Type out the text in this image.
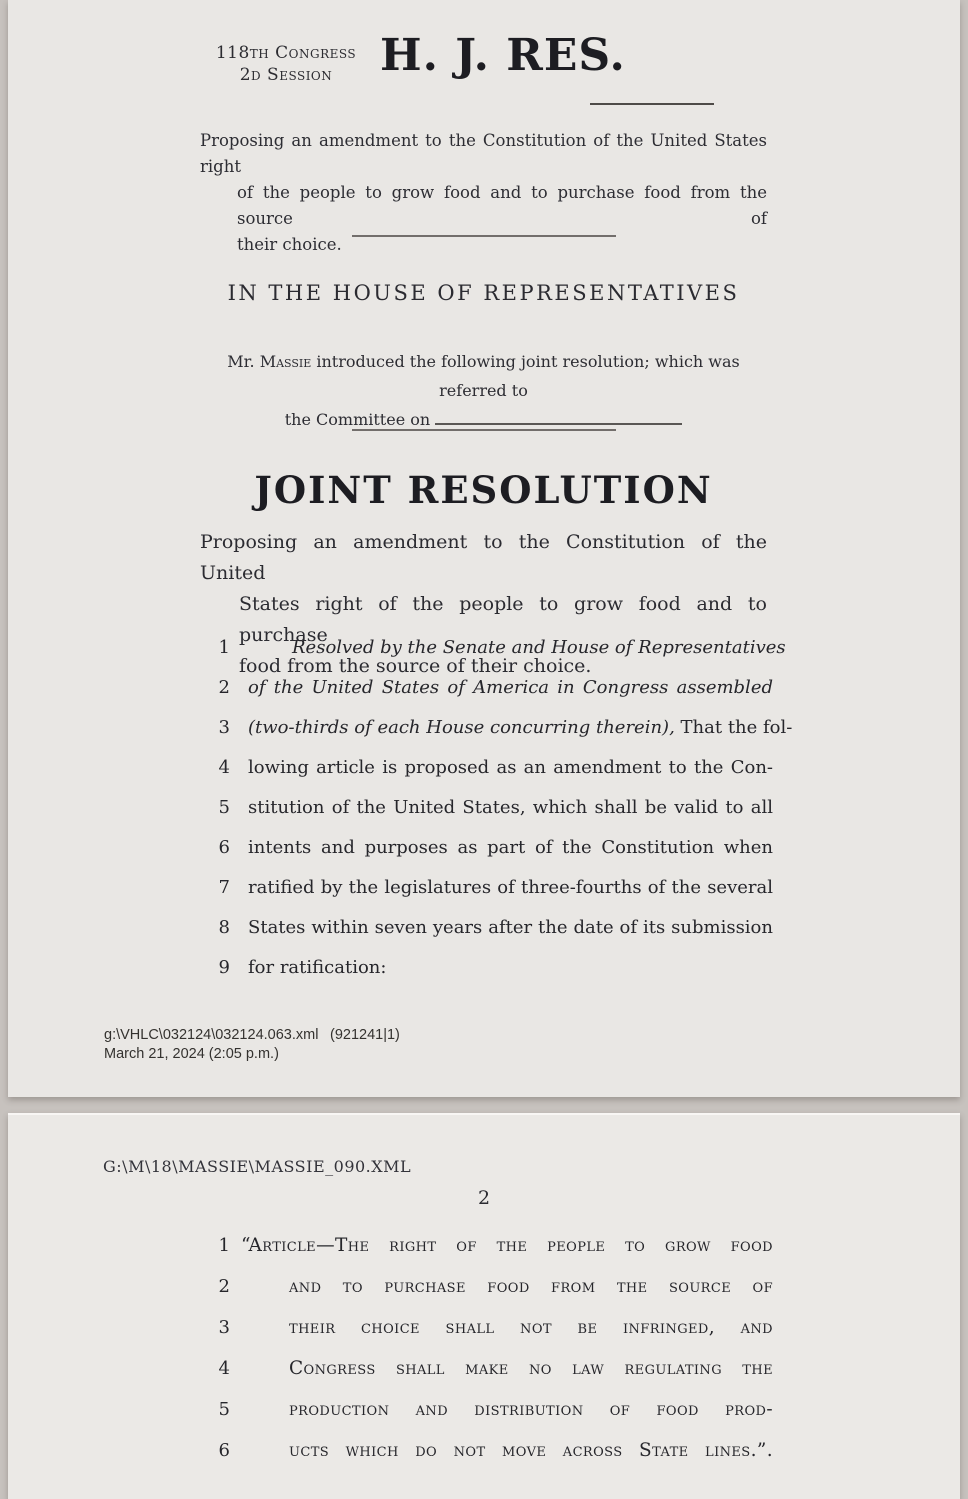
118th Congress
2d Session	H. J. RES.
Proposing an amendment to the Constitution of the United States right
of the people to grow food and to purchase food from the source of
their choice.
IN THE HOUSE OF REPRESENTATIVES
Mr. Massie introduced the following joint resolution; which was referred to
the Committee on
JOINT RESOLUTION
Proposing an amendment to the Constitution of the United
States right of the people to grow food and to purchase
food from the source of their choice.
1	Resolved by the Senate and House of Representatives
2 of the United States of America in Congress assembled
3 (two-thirds of each House concurring therein), That the fol-
4 lowing article is proposed as an amendment to the Con-
5 stitution of the United States, which shall be valid to all
6 intents and purposes as part of the Constitution when
7 ratified by the legislatures of three-fourths of the several
8 States within seven years after the date of its submission
9 for ratification:
g:\VHLC\032124\032124.063.xml (921241|1)
March 21, 2024 (2:05 p.m.)
G:\M\18\MASSIE\MASSIE_090.XML
2
1 “Article—The right of the people to grow food
2	and to purchase food from the source of
3	their choice shall not be infringed, and
4	Congress shall make no law regulating the
5	production and distribution of food prod-
6	ucts which do not move across State lines.”.
